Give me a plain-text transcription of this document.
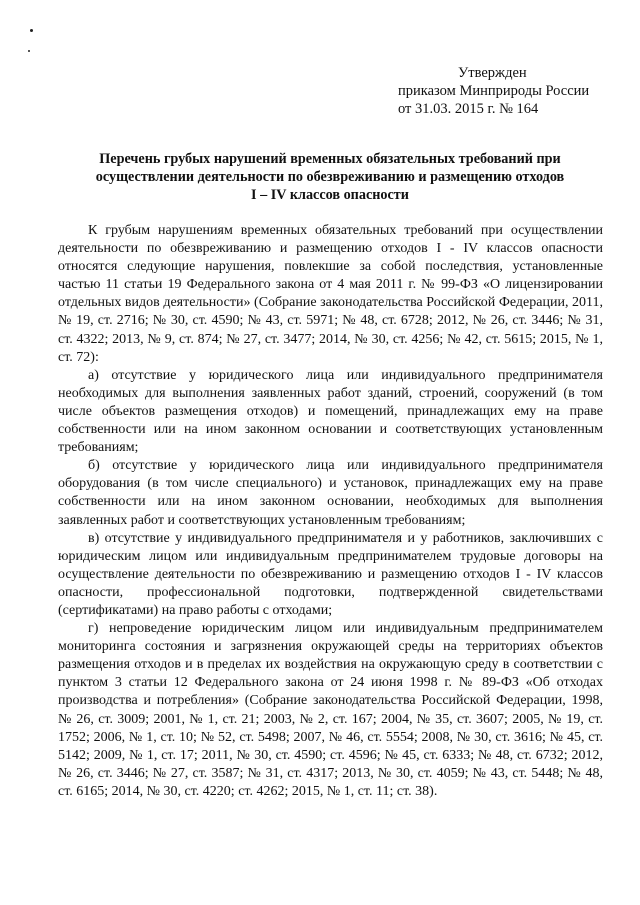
Утвержден
приказом Минприроды России
от 31.03. 2015 г. № 164
Перечень грубых нарушений временных обязательных требований при
осуществлении деятельности по обезвреживанию и размещению отходов
I – IV классов опасности

К грубым нарушениям временных обязательных требований при осуществлении деятельности по обезвреживанию и размещению отходов I - IV классов опасности относятся следующие нарушения, повлекшие за собой последствия, установленные частью 11 статьи 19 Федерального закона от 4 мая 2011 г. № 99-ФЗ «О лицензировании отдельных видов деятельности» (Собрание законодательства Российской Федерации, 2011, № 19, ст. 2716; № 30, ст. 4590; № 43, ст. 5971; № 48, ст. 6728; 2012, № 26, ст. 3446; № 31, ст. 4322; 2013, № 9, ст. 874; № 27, ст. 3477; 2014, № 30, ст. 4256; № 42, ст. 5615; 2015, № 1, ст. 72):

а) отсутствие у юридического лица или индивидуального предпринимателя необходимых для выполнения заявленных работ зданий, строений, сооружений (в том числе объектов размещения отходов) и помещений, принадлежащих ему на праве собственности или на ином законном основании и соответствующих установленным требованиям;

б) отсутствие у юридического лица или индивидуального предпринимателя оборудования (в том числе специального) и установок, принадлежащих ему на праве собственности или на ином законном основании, необходимых для выполнения заявленных работ и соответствующих установленным требованиям;

в) отсутствие у индивидуального предпринимателя и у работников, заключивших с юридическим лицом или индивидуальным предпринимателем трудовые договоры на осуществление деятельности по обезвреживанию и размещению отходов I - IV классов опасности, профессиональной подготовки, подтвержденной свидетельствами (сертификатами) на право работы с отходами;

г) непроведение юридическим лицом или индивидуальным предпринимателем мониторинга состояния и загрязнения окружающей среды на территориях объектов размещения отходов и в пределах их воздействия на окружающую среду в соответствии с пунктом 3 статьи 12 Федерального закона от 24 июня 1998 г. № 89-ФЗ «Об отходах производства и потребления» (Собрание законодательства Российской Федерации, 1998, № 26, ст. 3009; 2001, № 1, ст. 21; 2003, № 2, ст. 167; 2004, № 35, ст. 3607; 2005, № 19, ст. 1752; 2006, № 1, ст. 10; № 52, ст. 5498; 2007, № 46, ст. 5554; 2008, № 30, ст. 3616; № 45, ст. 5142; 2009, № 1, ст. 17; 2011, № 30, ст. 4590; ст. 4596; № 45, ст. 6333; № 48, ст. 6732; 2012, № 26, ст. 3446; № 27, ст. 3587; № 31, ст. 4317; 2013, № 30, ст. 4059; № 43, ст. 5448; № 48, ст. 6165; 2014, № 30, ст. 4220; ст. 4262; 2015, № 1, ст. 11; ст. 38).
